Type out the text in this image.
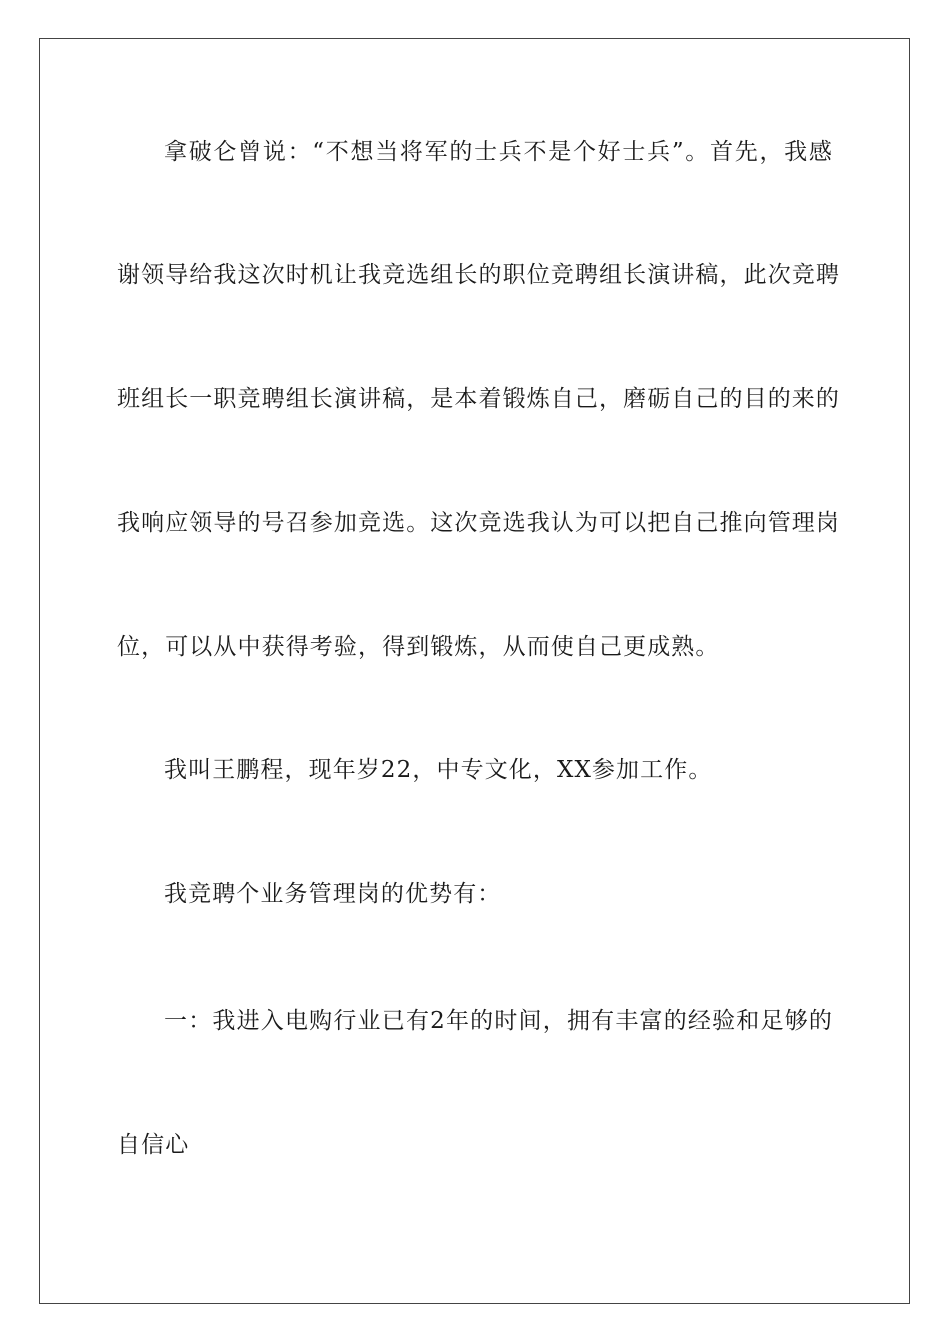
拿破仑曾说：“不想当将军的士兵不是个好士兵”。首先，我感
谢领导给我这次时机让我竞选组长的职位竞聘组长演讲稿，此次竞聘
班组长一职竞聘组长演讲稿，是本着锻炼自己，磨砺自己的目的来的
我响应领导的号召参加竞选。这次竞选我认为可以把自己推向管理岗
位，可以从中获得考验，得到锻炼，从而使自己更成熟。
我叫王鹏程，现年岁22，中专文化，XX参加工作。
我竞聘个业务管理岗的优势有：
一：我进入电购行业已有2年的时间，拥有丰富的经验和足够的
自信心
